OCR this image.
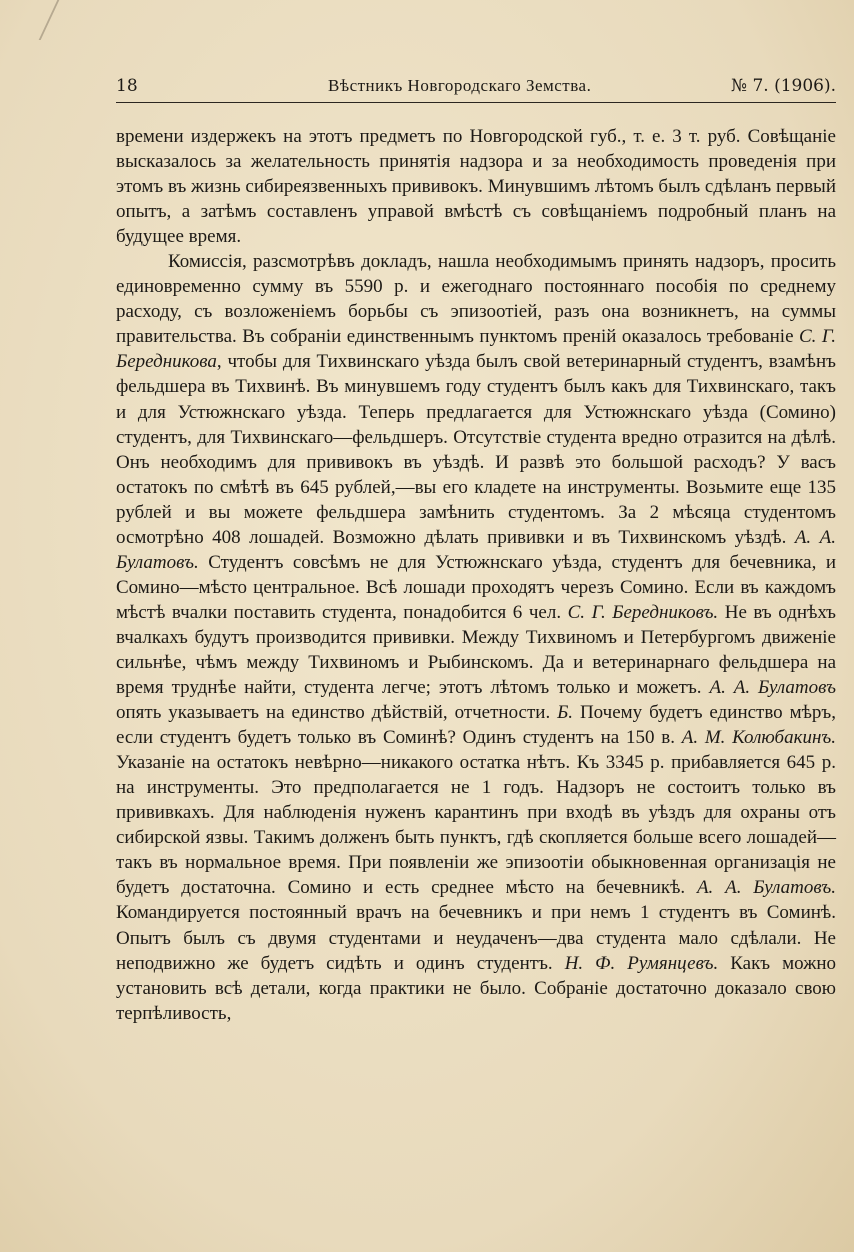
18	Вѣстникъ Новгородскаго Земства.	№ 7. (1906).

времени издержекъ на этотъ предметъ по Новгородской губ., т. е. 3 т. руб. Совѣщаніе высказалось за желательность принятія надзора и за необходимость проведенія при этомъ въ жизнь сибиреязвенныхъ прививокъ. Минувшимъ лѣтомъ былъ сдѣланъ первый опытъ, а затѣмъ составленъ управой вмѣстѣ съ совѣщаніемъ подробный планъ на будущее время.

Комиссія, разсмотрѣвъ докладъ, нашла необходимымъ принять надзоръ, просить единовременно сумму въ 5590 р. и ежегоднаго постояннаго пособія по среднему расходу, съ возложеніемъ борьбы съ эпизоотіей, разъ она возникнетъ, на суммы правительства. Въ собраніи единственнымъ пунктомъ преній оказалось требованіе С. Г. Бередникова, чтобы для Тихвинскаго уѣзда былъ свой ветеринарный студентъ, взамѣнъ фельдшера въ Тихвинѣ. Въ минувшемъ году студентъ былъ какъ для Тихвинскаго, такъ и для Устюжнскаго уѣзда. Теперь предлагается для Устюжнскаго уѣзда (Сомино) студентъ, для Тихвинскаго—фельдшеръ. Отсутствіе студента вредно отразится на дѣлѣ. Онъ необходимъ для прививокъ въ уѣздѣ. И развѣ это большой расходъ? У васъ остатокъ по смѣтѣ въ 645 рублей,—вы его кладете на инструменты. Возьмите еще 135 рублей и вы можете фельдшера замѣнить студентомъ. За 2 мѣсяца студентомъ осмотрѣно 408 лошадей. Возможно дѣлать прививки и въ Тихвинскомъ уѣздѣ. А. А. Булатовъ. Студентъ совсѣмъ не для Устюжнскаго уѣзда, студентъ для бечевника, и Сомино—мѣсто центральное. Всѣ лошади проходятъ черезъ Сомино. Если въ каждомъ мѣстѣ вчалки поставить студента, понадобится 6 чел. С. Г. Бередниковъ. Не въ однѣхъ вчалкахъ будутъ производится прививки. Между Тихвиномъ и Петербургомъ движеніе сильнѣе, чѣмъ между Тихвиномъ и Рыбинскомъ. Да и ветеринарнаго фельдшера на время труднѣе найти, студента легче; этотъ лѣтомъ только и можетъ. А. А. Булатовъ опять указываетъ на единство дѣйствій, отчетности. Б. Почему будетъ единство мѣръ, если студентъ будетъ только въ Соминѣ? Одинъ студентъ на 150 в. А. М. Колюбакинъ. Указаніе на остатокъ невѣрно—никакого остатка нѣтъ. Къ 3345 р. прибавляется 645 р. на инструменты. Это предполагается не 1 годъ. Надзоръ не состоитъ только въ прививкахъ. Для наблюденія нуженъ карантинъ при входѣ въ уѣздъ для охраны отъ сибирской язвы. Такимъ долженъ быть пунктъ, гдѣ скопляется больше всего лошадей—такъ въ нормальное время. При появленіи же эпизоотіи обыкновенная организація не будетъ достаточна. Сомино и есть среднее мѣсто на бечевникѣ. А. А. Булатовъ. Командируется постоянный врачъ на бечевникъ и при немъ 1 студентъ въ Соминѣ. Опытъ былъ съ двумя студентами и неудаченъ—два студента мало сдѣлали. Не неподвижно же будетъ сидѣть и одинъ студентъ. Н. Ф. Румянцевъ. Какъ можно установить всѣ детали, когда практики не было. Собраніе достаточно доказало свою терпѣливость,
